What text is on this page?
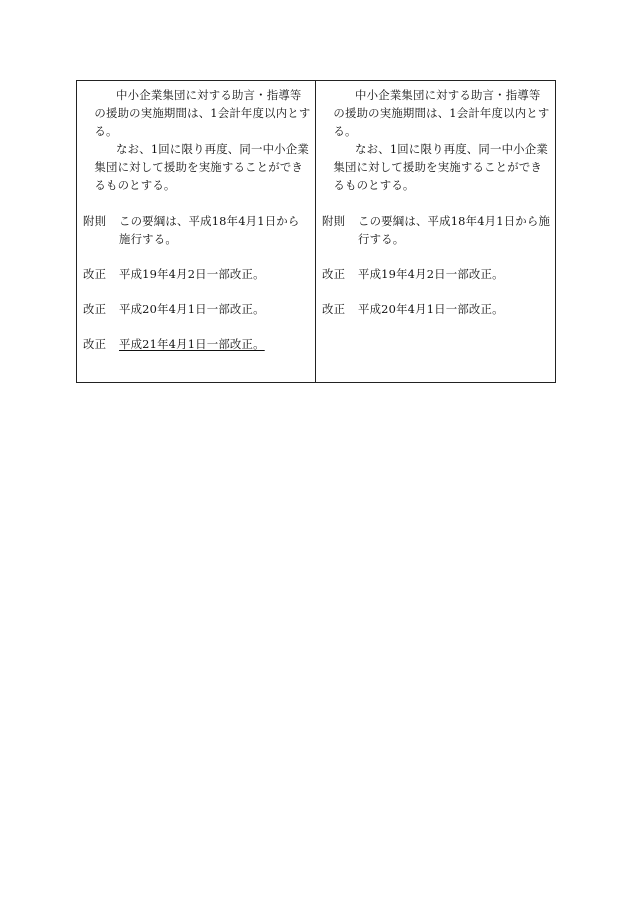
中小企業集団に対する助言・指導等の援助の実施期間は、1会計年度以内とする。

なお、1回に限り再度、同一中小企業集団に対して援助を実施することができるものとする。

附則	この要綱は、平成18年4月1日から施行する。

改正 平成19年4月2日一部改正。

改正 平成20年4月1日一部改正。

改正 平成21年4月1日一部改正。

中小企業集団に対する助言・指導等の援助の実施期間は、1会計年度以内とする。

なお、1回に限り再度、同一中小企業集団に対して援助を実施することができるものとする。

附則	この要綱は、平成18年4月1日から施行する。

改正 平成19年4月2日一部改正。

改正 平成20年4月1日一部改正。
